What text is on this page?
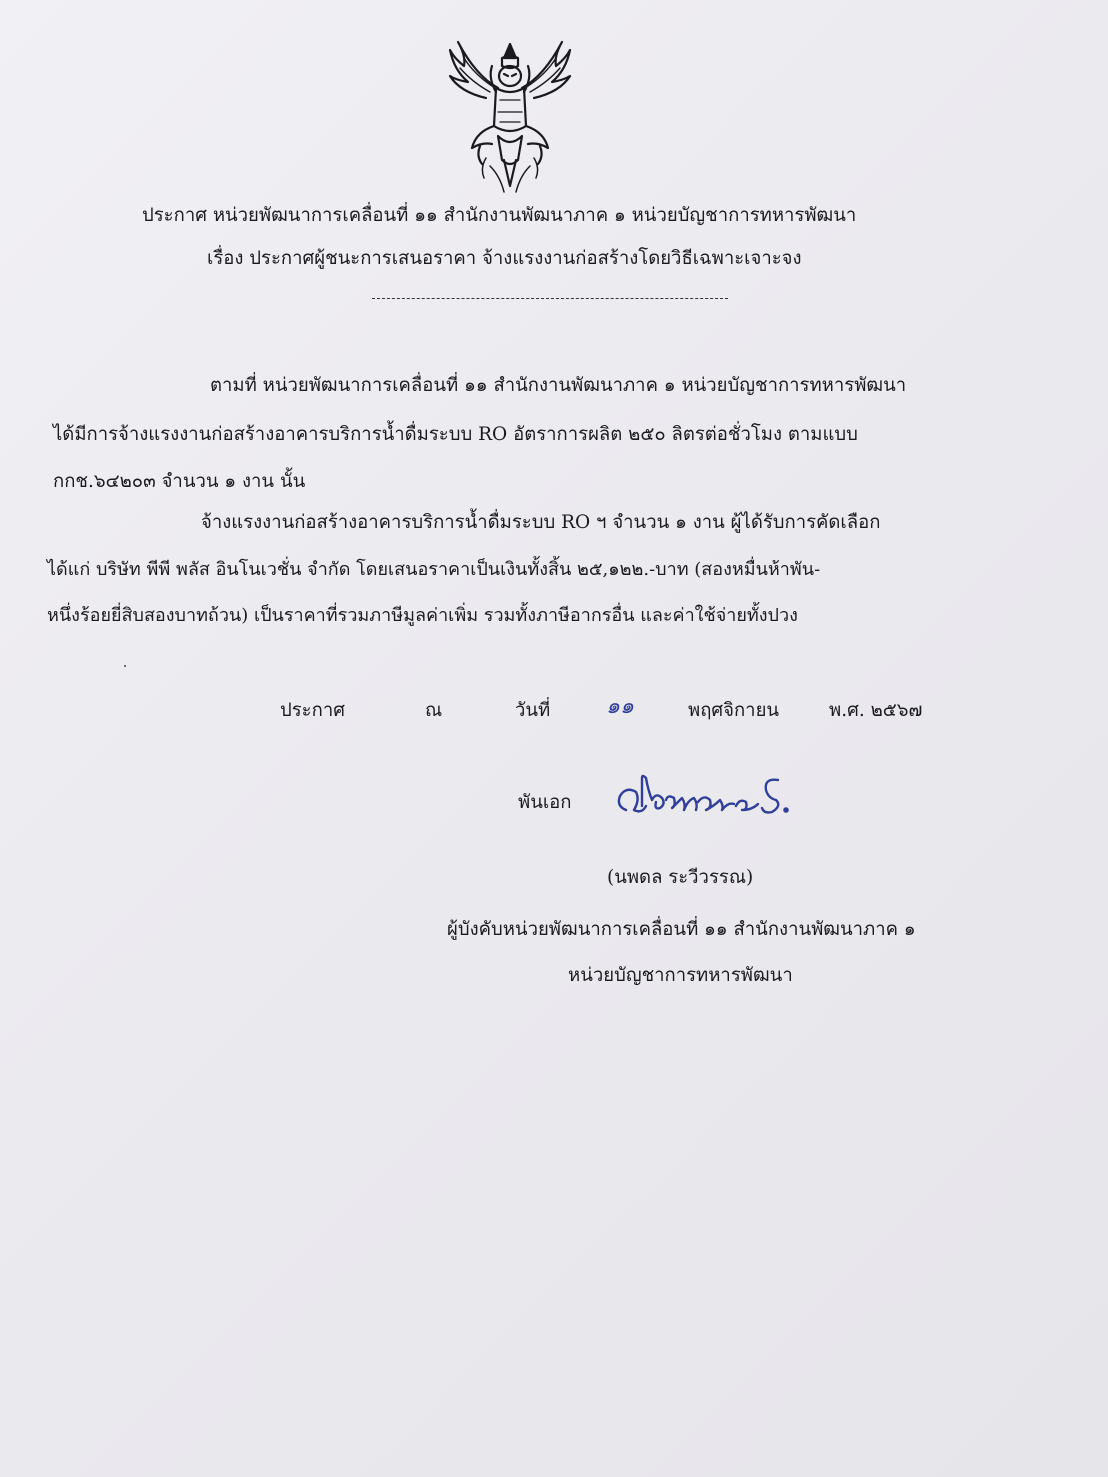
ประกาศ หน่วยพัฒนาการเคลื่อนที่ ๑๑ สำนักงานพัฒนาภาค ๑ หน่วยบัญชาการทหารพัฒนา
เรื่อง ประกาศผู้ชนะการเสนอราคา จ้างแรงงานก่อสร้างโดยวิธีเฉพาะเจาะจง
ตามที่ หน่วยพัฒนาการเคลื่อนที่ ๑๑ สำนักงานพัฒนาภาค ๑ หน่วยบัญชาการทหารพัฒนา
ได้มีการจ้างแรงงานก่อสร้างอาคารบริการน้ำดื่มระบบ RO อัตราการผลิต ๒๕๐ ลิตรต่อชั่วโมง ตามแบบ
กกช.๖๔๒๐๓ จำนวน ๑ งาน นั้น
จ้างแรงงานก่อสร้างอาคารบริการน้ำดื่มระบบ RO ฯ จำนวน ๑ งาน ผู้ได้รับการคัดเลือก
ได้แก่ บริษัท พีพี พลัส อินโนเวชั่น จำกัด โดยเสนอราคาเป็นเงินทั้งสิ้น ๒๕,๑๒๒.-บาท (สองหมื่นห้าพัน-
หนึ่งร้อยยี่สิบสองบาทถ้วน) เป็นราคาที่รวมภาษีมูลค่าเพิ่ม รวมทั้งภาษีอากรอื่น และค่าใช้จ่ายทั้งปวง
ประกาศ	ณ	วันที่	๑๑	พฤศจิกายน	พ.ศ. ๒๕๖๗
พันเอก
(นพดล ระวีวรรณ)
ผู้บังคับหน่วยพัฒนาการเคลื่อนที่ ๑๑ สำนักงานพัฒนาภาค ๑
หน่วยบัญชาการทหารพัฒนา
